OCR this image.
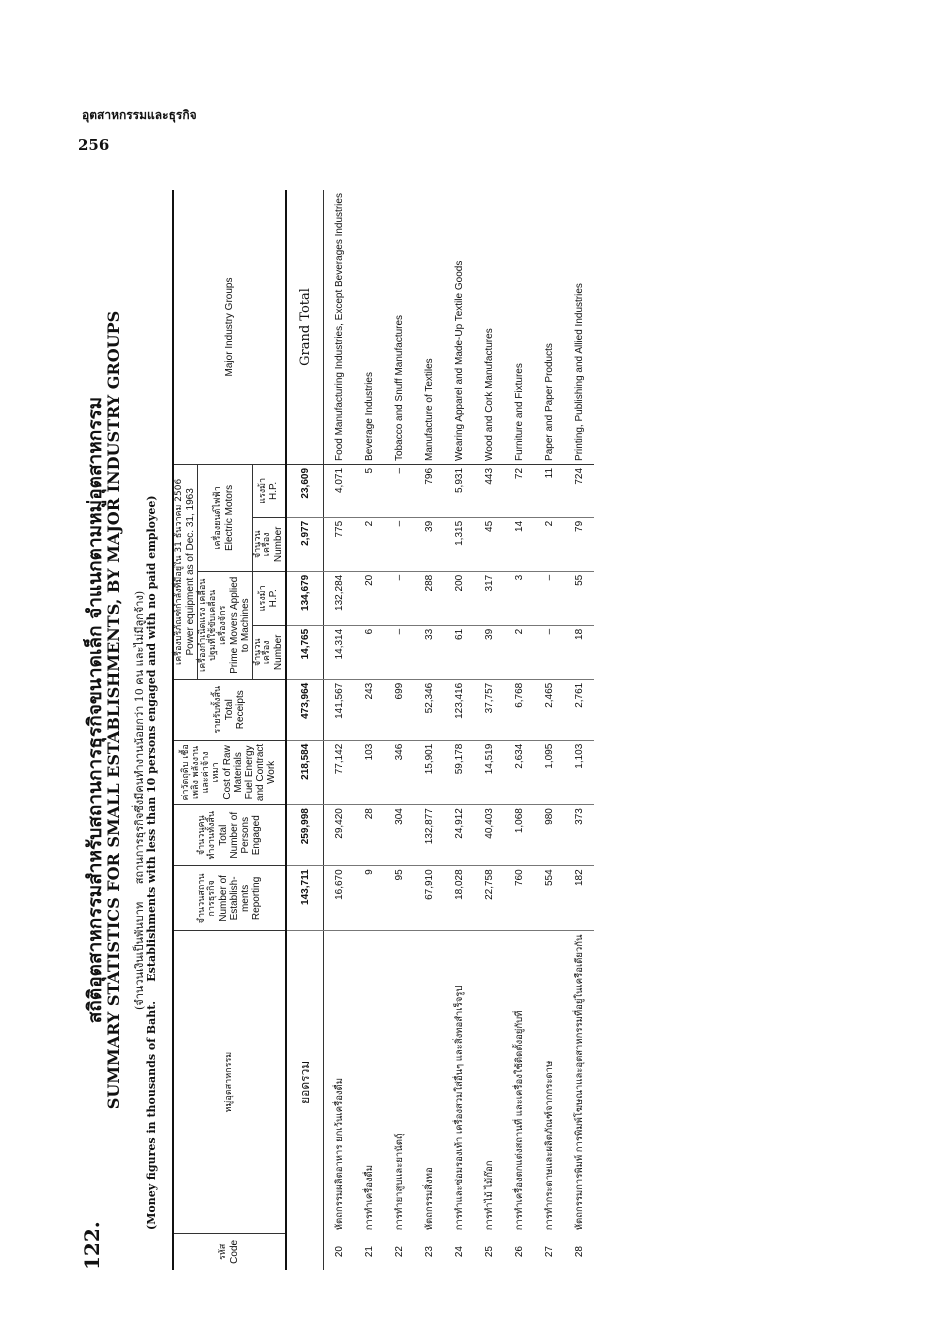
อุตสาหกรรมและธุรกิจ
256
122.
สถิติอุตสาหกรรมสำหรับสถานการธุรกิจขนาดเล็ก จำแนกตามหมู่อุตสาหกรรม
SUMMARY STATISTICS FOR SMALL ESTABLISHMENTS, BY MAJOR INDUSTRY GROUPS (จำนวนเงินเป็นพันบาท     สถานการธุรกิจซึ่งมีคนทำงานน้อยกว่า 10 คน และไม่มีลูกจ้าง)
(Money figures in thousands of Baht.     Establishments with less than 10 persons engaged and with no paid employee)
รหัส Code	หมู่อุตสาหกรรม	จำนวนสถานการธุรกิจ Number of Establish-ments Reporting	จำนวนคนทำงานทั้งสิ้น Total Number of Persons Engaged	ค่าวัตถุดิบ เชื้อเพลิง พลังงาน และค่าจ้างเหมา Cost of Raw Materials Fuel Energy and Contract Work	รายรับทั้งสิ้น Total Receipts	เครื่องบริภัณฑ์กำลังที่มีอยู่ใน 31 ธันวาคม 2506 Power equipment as of Dec. 31, 1963				Major Industry Groups

						เครื่องกำเนิดแรง เคลื่อนปฐมที่ใช้ขับเคลื่อนเครื่องจักร Prime Movers Applied to Machines		เครื่องยนต์ไฟฟ้า Electric Motors		

						จำนวนเครื่อง Number	แรงม้า H.P.	จำนวนเครื่อง Number	แรงม้า H.P.	
	ยอดรวม	143,711	259,998	218,584	473,964	14,765	134,679	2,977	23,609	Grand Total
20	หัตถกรรมผลิตอาหาร ยกเว้นเครื่องดื่ม	16,670	29,420	77,142	141,567	14,314	132,284	775	4,071	Food Manufacturing Industries, Except Beverages Industries
21	การทำเครื่องดื่ม	9	28	103	243	6	20	2	5	Beverage Industries
22	การทำยาสูบและยานัตถุ์	95	304	346	699	–	–	–	–	Tobacco and Snuff Manufactures
23	หัตถกรรมสิ่งทอ	67,910	132,877	15,901	52,346	33	288	39	796	Manufacture of Textiles
24	การทำและซ่อมรองเท้า เครื่องสวมใส่อื่นๆ และสิ่งทอสำเร็จรูป	18,028	24,912	59,178	123,416	61	200	1,315	5,931	Wearing Apparel and Made-Up Textile Goods
25	การทำไม้ ไม้ก๊อก	22,758	40,403	14,519	37,757	39	317	45	443	Wood and Cork Manufactures
26	การทำเครื่องตกแต่งสถานที่ และเครื่องใช้ติดตั้งอยู่กับที่	760	1,068	2,634	6,768	2	3	14	72	Furniture and Fixtures
27	การทำกระดาษและผลิตภัณฑ์จากกระดาษ	554	980	1,095	2,465	–	–	2	11	Paper and Paper Products
28	หัตถกรรมการพิมพ์ การพิมพ์โฆษณาและอุตสาหกรรมที่อยู่ในเครือเดียวกัน	182	373	1,103	2,761	18	55	79	724	Printing, Publishing and Allied Industries
